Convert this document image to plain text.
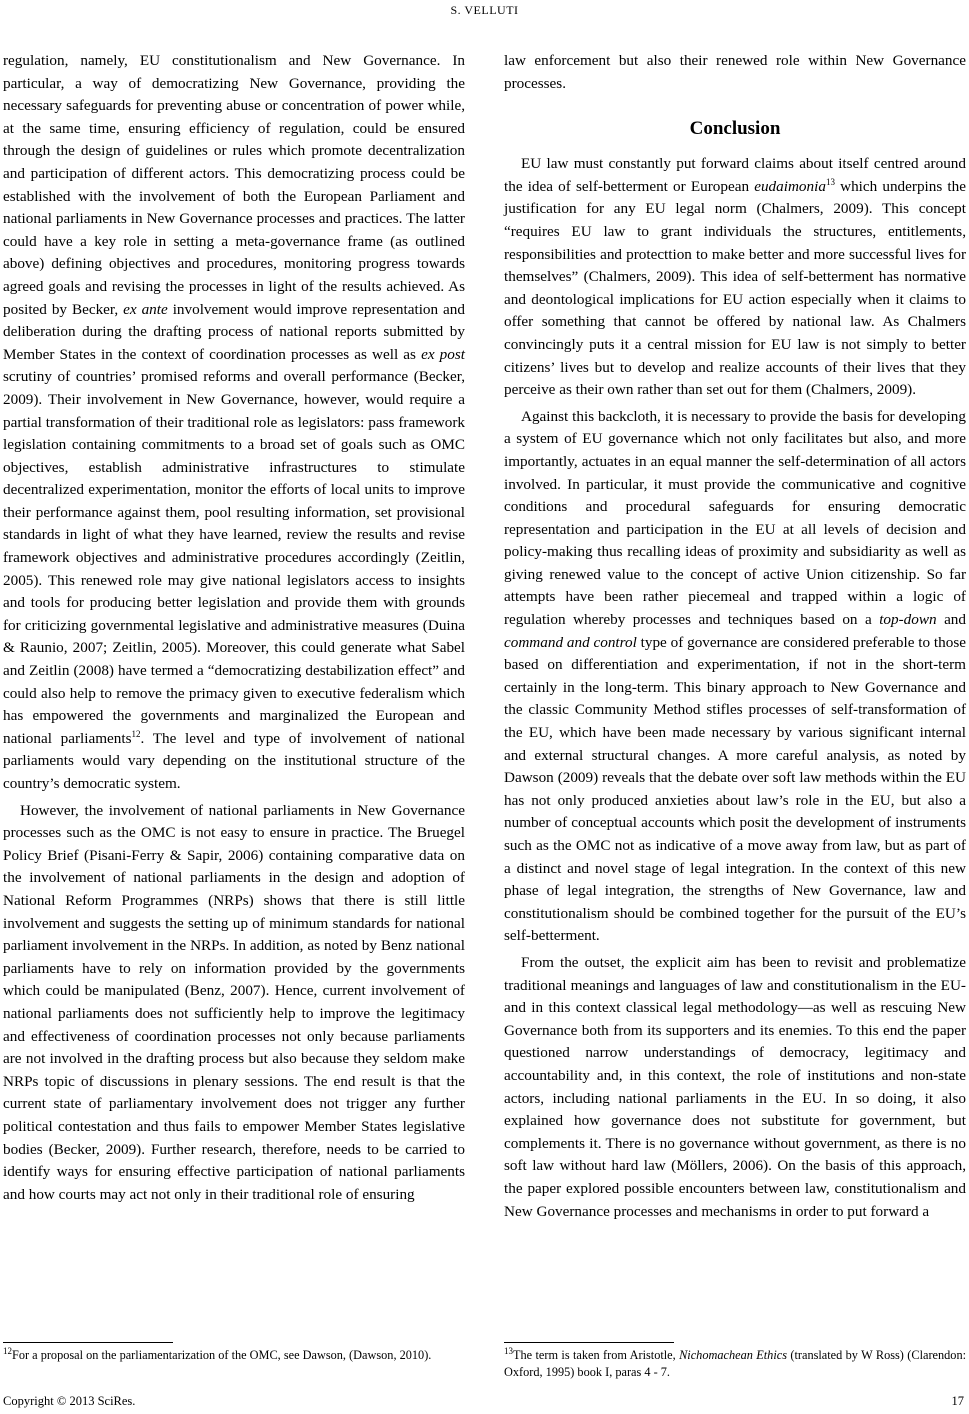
S. VELLUTI

regulation, namely, EU constitutionalism and New Governance. In particular, a way of democratizing New Governance, providing the necessary safeguards for preventing abuse or concentration of power while, at the same time, ensuring efficiency of regulation, could be ensured through the design of guidelines or rules which promote decentralization and participation of different actors. This democratizing process could be established with the involvement of both the European Parliament and national parliaments in New Governance processes and practices. The latter could have a key role in setting a meta-governance frame (as outlined above) defining objectives and procedures, monitoring progress towards agreed goals and revising the processes in light of the results achieved. As posited by Becker, ex ante involvement would improve representation and deliberation during the drafting process of national reports submitted by Member States in the context of coordination processes as well as ex post scrutiny of countries’ promised reforms and overall performance (Becker, 2009). Their involvement in New Governance, however, would require a partial transformation of their traditional role as legislators: pass framework legislation containing commitments to a broad set of goals such as OMC objectives, establish administrative infrastructures to stimulate decentralized experimentation, monitor the efforts of local units to improve their performance against them, pool resulting information, set provisional standards in light of what they have learned, review the results and revise framework objectives and administrative procedures accordingly (Zeitlin, 2005). This renewed role may give national legislators access to insights and tools for producing better legislation and provide them with grounds for criticizing governmental legislative and administrative measures (Duina & Raunio, 2007; Zeitlin, 2005). Moreover, this could generate what Sabel and Zeitlin (2008) have termed a “democratizing destabilization effect” and could also help to remove the primacy given to executive federalism which has empowered the governments and marginalized the European and national parliaments$^{12}$. The level and type of involvement of national parliaments would vary depending on the institutional structure of the country’s democratic system.

However, the involvement of national parliaments in New Governance processes such as the OMC is not easy to ensure in practice. The Bruegel Policy Brief (Pisani-Ferry & Sapir, 2006) containing comparative data on the involvement of national parliaments in the design and adoption of National Reform Programmes (NRPs) shows that there is still little involvement and suggests the setting up of minimum standards for national parliament involvement in the NRPs. In addition, as noted by Benz national parliaments have to rely on information provided by the governments which could be manipulated (Benz, 2007). Hence, current involvement of national parliaments does not sufficiently help to improve the legitimacy and effectiveness of coordination processes not only because parliaments are not involved in the drafting process but also because they seldom make NRPs topic of discussions in plenary sessions. The end result is that the current state of parliamentary involvement does not trigger any further political contestation and thus fails to empower Member States legislative bodies (Becker, 2009). Further research, therefore, needs to be carried to identify ways for ensuring effective participation of national parliaments and how courts may act not only in their traditional role of ensuring

law enforcement but also their renewed role within New Governance processes.

Conclusion

EU law must constantly put forward claims about itself centred around the idea of self-betterment or European eudaimonia$^{13}$ which underpins the justification for any EU legal norm (Chalmers, 2009). This concept “requires EU law to grant individuals the structures, entitlements, responsibilities and protecttion to make better and more successful lives for themselves” (Chalmers, 2009). This idea of self-betterment has normative and deontological implications for EU action especially when it claims to offer something that cannot be offered by national law. As Chalmers convincingly puts it a central mission for EU law is not simply to better citizens’ lives but to develop and realize accounts of their lives that they perceive as their own rather than set out for them (Chalmers, 2009).

Against this backcloth, it is necessary to provide the basis for developing a system of EU governance which not only facilitates but also, and more importantly, actuates in an equal manner the self-determination of all actors involved. In particular, it must provide the communicative and cognitive conditions and procedural safeguards for ensuring democratic representation and participation in the EU at all levels of decision and policy-making thus recalling ideas of proximity and subsidiarity as well as giving renewed value to the concept of active Union citizenship. So far attempts have been rather piecemeal and trapped within a logic of regulation whereby processes and techniques based on a top-down and command and control type of governance are considered preferable to those based on differentiation and experimentation, if not in the short-term certainly in the long-term. This binary approach to New Governance and the classic Community Method stifles processes of self-transformation of the EU, which have been made necessary by various significant internal and external structural changes. A more careful analysis, as noted by Dawson (2009) reveals that the debate over soft law methods within the EU has not only produced anxieties about law’s role in the EU, but also a number of conceptual accounts which posit the development of instruments such as the OMC not as indicative of a move away from law, but as part of a distinct and novel stage of legal integration. In the context of this new phase of legal integration, the strengths of New Governance, law and constitutionalism should be combined together for the pursuit of the EU’s self-betterment.

From the outset, the explicit aim has been to revisit and problematize traditional meanings and languages of law and constitutionalism in the EU-and in this context classical legal methodology—as well as rescuing New Governance both from its supporters and its enemies. To this end the paper questioned narrow understandings of democracy, legitimacy and accountability and, in this context, the role of institutions and non-state actors, including national parliaments in the EU. In so doing, it also explained how governance does not substitute for government, but complements it. There is no governance without government, as there is no soft law without hard law (Möllers, 2006). On the basis of this approach, the paper explored possible encounters between law, constitutionalism and New Governance processes and mechanisms in order to put forward a

$^{12}$For a proposal on the parliamentarization of the OMC, see Dawson, (Dawson, 2010).	$^{13}$The term is taken from Aristotle, Nichomachean Ethics (translated by W Ross) (Clarendon: Oxford, 1995) book I, paras 4 - 7.
Copyright © 2013 SciRes.	17
